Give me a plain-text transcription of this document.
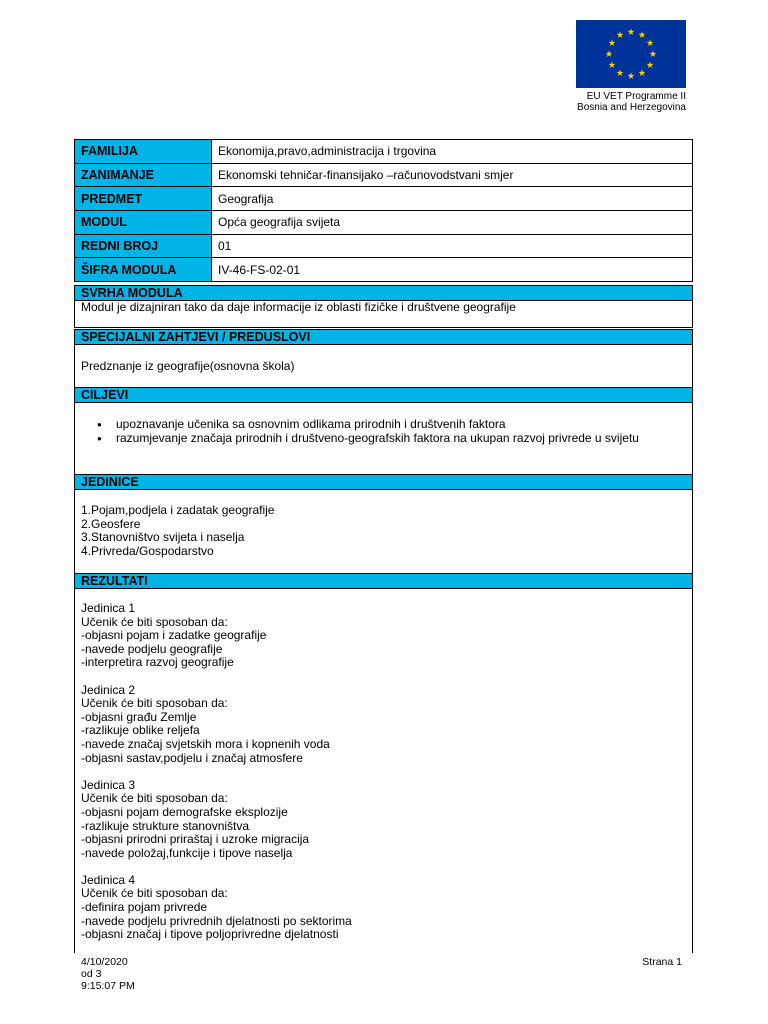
EU VET Programme II
Bosnia and Herzegovina
FAMILIJA	Ekonomija,pravo,administracija i trgovina
ZANIMANJE	Ekonomski tehničar-finansijako –računovodstvani smjer
PREDMET	Geografija
MODUL	Opća geografija svijeta
REDNI BROJ	01
ŠIFRA MODULA	IV-46-FS-02-01
SVRHA MODULA
Modul je dizajniran tako da daje informacije iz oblasti fizičke i društvene geografije
SPECIJALNI ZAHTJEVI / PREDUSLOVI
Predznanje iz geografije(osnovna škola)
CILJEVI
● upoznavanje učenika sa osnovnim odlikama prirodnih i društvenih faktora
● razumjevanje značaja prirodnih i društveno-geografskih faktora na ukupan razvoj privrede u svijetu
JEDINICE
1.Pojam,podjela i zadatak geografije
2.Geosfere
3.Stanovništvo svijeta i naselja
4.Privreda/Gospodarstvo
REZULTATI
Jedinica 1
Učenik će biti sposoban da:
-objasni pojam i zadatke geografije
-navede podjelu geografije
-interpretira razvoj geografije
Jedinica 2
Učenik će biti sposoban da:
-objasni građu Zemlje
-razlikuje oblike reljefa
-navede značaj svjetskih mora i kopnenih voda
-objasni sastav,podjelu i značaj atmosfere
Jedinica 3
Učenik će biti sposoban da:
-objasni pojam demografske eksplozije
-razlikuje strukture stanovništva
-objasni prirodni priraštaj i uzroke migracija
-navede položaj,funkcije i tipove naselja
Jedinica 4
Učenik će biti sposoban da:
-definira pojam privrede
-navede podjelu privrednih djelatnosti po sektorima
-objasni značaj i tipove poljoprivredne djelatnosti
4/10/2020
od 3
9:15:07 PM
Strana 1
